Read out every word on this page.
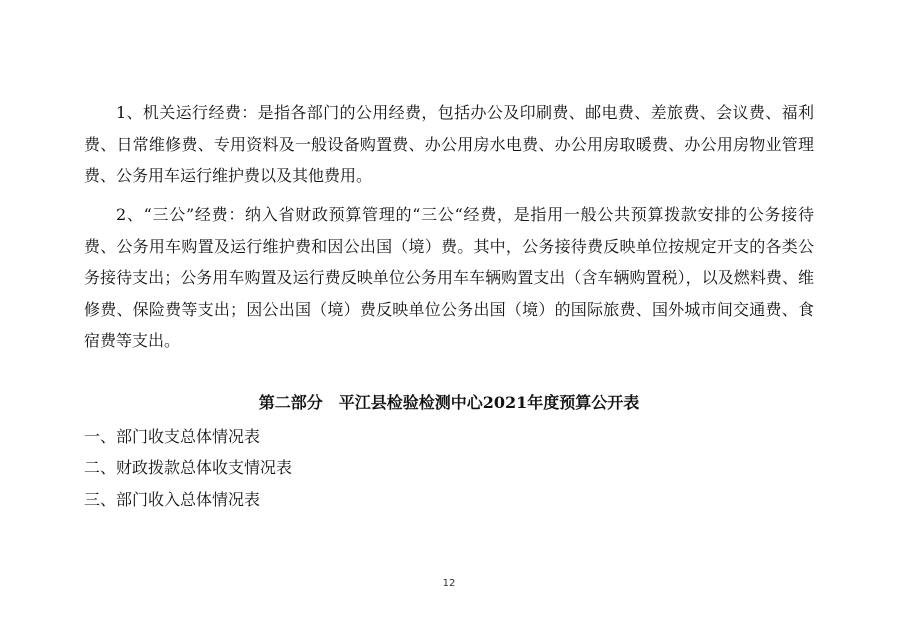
1、机关运行经费：是指各部门的公用经费，包括办公及印刷费、邮电费、差旅费、会议费、福利费、日常维修费、专用资料及一般设备购置费、办公用房水电费、办公用房取暖费、办公用房物业管理费、公务用车运行维护费以及其他费用。

2、“三公”经费：纳入省财政预算管理的“三公“经费，是指用一般公共预算拨款安排的公务接待费、公务用车购置及运行维护费和因公出国（境）费。其中，公务接待费反映单位按规定开支的各类公务接待支出；公务用车购置及运行费反映单位公务用车车辆购置支出（含车辆购置税），以及燃料费、维修费、保险费等支出；因公出国（境）费反映单位公务出国（境）的国际旅费、国外城市间交通费、食宿费等支出。

第二部分　平江县检验检测中心2021年度预算公开表
一、部门收支总体情况表
二、财政拨款总体收支情况表
三、部门收入总体情况表
12
